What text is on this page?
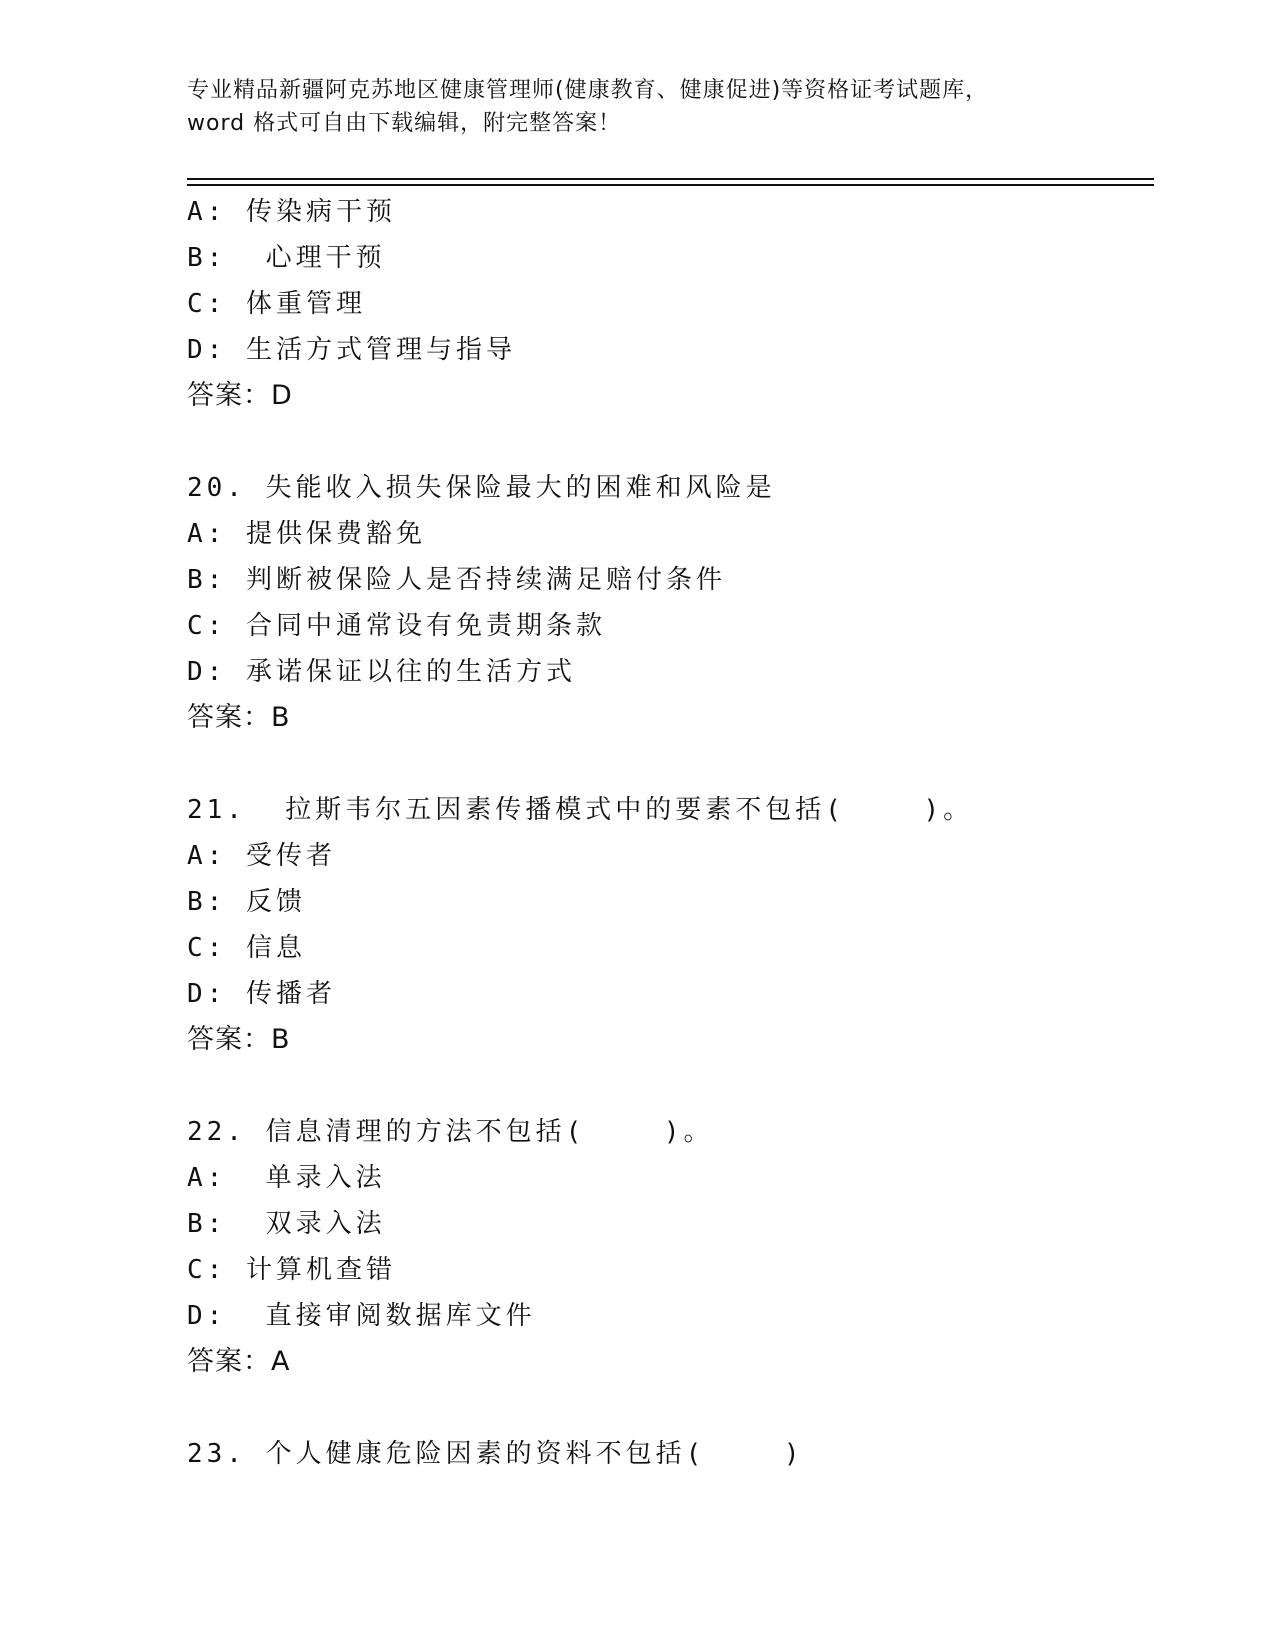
专业精品新疆阿克苏地区健康管理师(健康教育、健康促进)等资格证考试题库，
word 格式可自由下载编辑，附完整答案！
A: 传染病干预
B:  心理干预
C: 体重管理
D: 生活方式管理与指导
答案：D
20. 失能收入损失保险最大的困难和风险是
A: 提供保费豁免
B: 判断被保险人是否持续满足赔付条件
C: 合同中通常设有免责期条款
D: 承诺保证以往的生活方式
答案：B
21.  拉斯韦尔五因素传播模式中的要素不包括(    )。
A: 受传者
B: 反馈
C: 信息
D: 传播者
答案：B
22. 信息清理的方法不包括(    )。
A:  单录入法
B:  双录入法
C: 计算机查错
D:  直接审阅数据库文件
答案：A
23. 个人健康危险因素的资料不包括(    )
